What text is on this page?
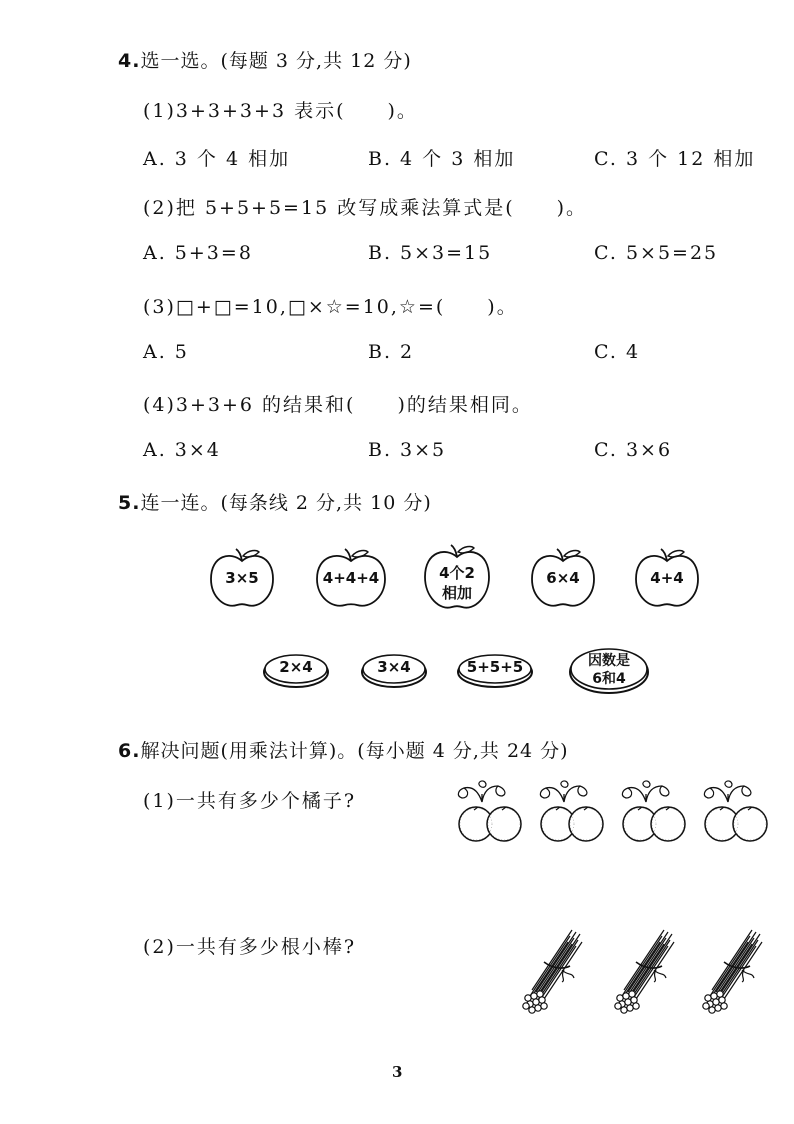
4.选一选。(每题 3 分,共 12 分)
(1)3+3+3+3 表示(　　)。
A. 3 个 4 相加	B. 4 个 3 相加	C. 3 个 12 相加
(2)把 5+5+5=15 改写成乘法算式是(　　)。
A. 5+3=8	B. 5×3=15	C. 5×5=25
(3)□+□=10,□×☆=10,☆=(　　)。
A. 5	B. 2	C. 4
(4)3+3+6 的结果和(　　)的结果相同。
A. 3×4	B. 3×5	C. 3×6
5.连一连。(每条线 2 分,共 10 分)
3×5	4+4+4	4个2
相加
6×4	4+4
2×4	3×4	5+5+5	因数是
6和4
6.解决问题(用乘法计算)。(每小题 4 分,共 24 分)
(1)一共有多少个橘子?
(2)一共有多少根小棒?
3
